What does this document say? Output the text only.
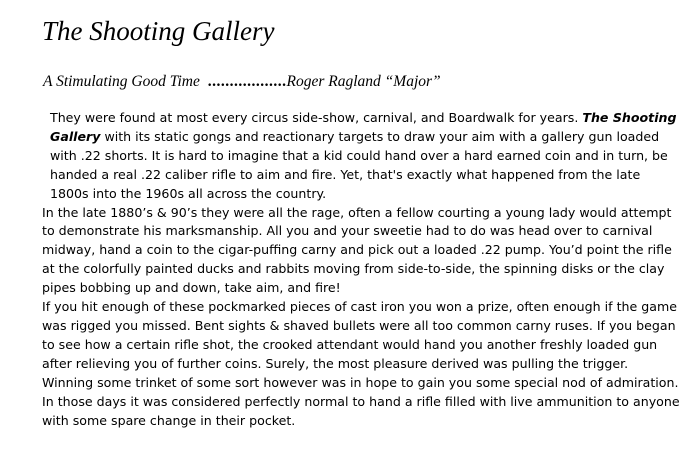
The Shooting Gallery
A Stimulating Good Time ..................Roger Ragland “Major”

They were found at most every circus side-show, carnival, and Boardwalk for years. The Shooting Gallery with its static gongs and reactionary targets to draw your aim with a gallery gun loaded with .22 shorts. It is hard to imagine that a kid could hand over a hard earned coin and in turn, be handed a real .22 caliber rifle to aim and fire. Yet, that's exactly what happened from the late 1800s into the 1960s all across the country.

In the late 1880’s & 90’s they were all the rage, often a fellow courting a young lady would attempt to demonstrate his marksmanship. All you and your sweetie had to do was head over to carnival midway, hand a coin to the cigar-puffing carny and pick out a loaded .22 pump. You’d point the rifle at the colorfully painted ducks and rabbits moving from side-to-side, the spinning disks or the clay pipes bobbing up and down, take aim, and fire!

If you hit enough of these pockmarked pieces of cast iron you won a prize, often enough if the game was rigged you missed. Bent sights & shaved bullets were all too common carny ruses. If you began to see how a certain rifle shot, the crooked attendant would hand you another freshly loaded gun after relieving you of further coins. Surely, the most pleasure derived was pulling the trigger. Winning some trinket of some sort however was in hope to gain you some special nod of admiration.

In those days it was considered perfectly normal to hand a rifle filled with live ammunition to anyone with some spare change in their pocket.
